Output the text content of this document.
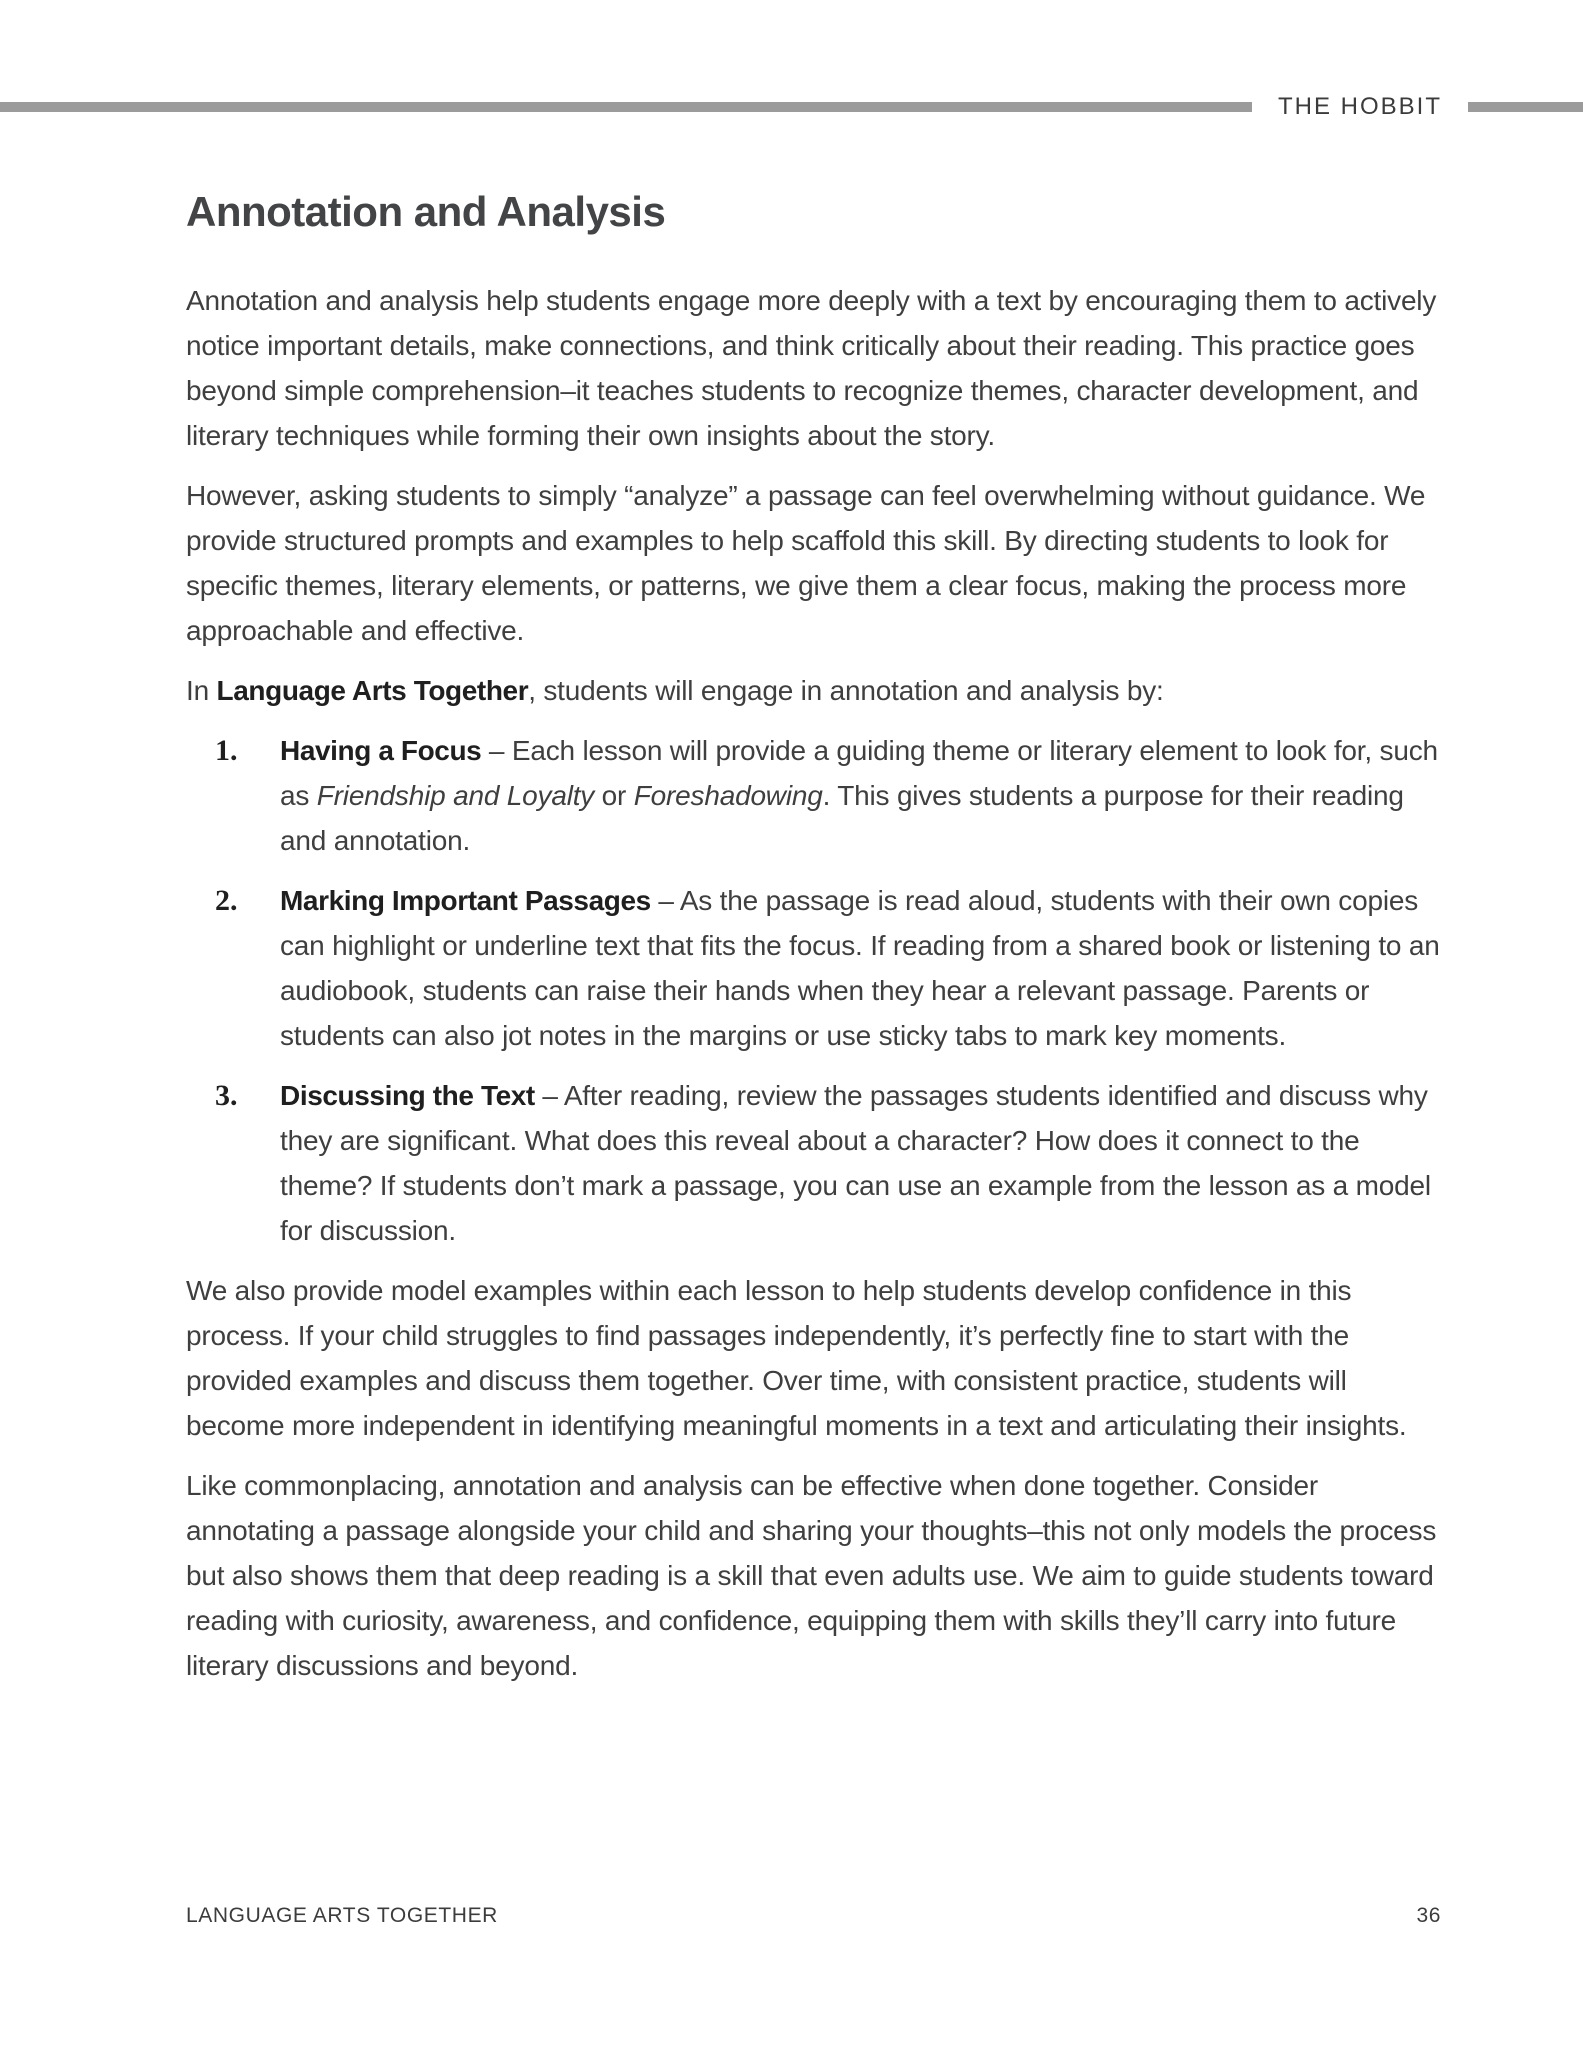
THE HOBBIT
Annotation and Analysis

Annotation and analysis help students engage more deeply with a text by encouraging them to actively notice important details, make connections, and think critically about their reading. This practice goes beyond simple comprehension–it teaches students to recognize themes, character development, and literary techniques while forming their own insights about the story.

However, asking students to simply “analyze” a passage can feel overwhelming without guidance. We provide structured prompts and examples to help scaffold this skill. By directing students to look for specific themes, literary elements, or patterns, we give them a clear focus, making the process more approachable and effective.

In Language Arts Together, students will engage in annotation and analysis by:

1.	Having a Focus – Each lesson will provide a guiding theme or literary element to look for, such as Friendship and Loyalty or Foreshadowing. This gives students a purpose for their reading and annotation.
2.	Marking Important Passages – As the passage is read aloud, students with their own copies can highlight or underline text that fits the focus. If reading from a shared book or listening to an audiobook, students can raise their hands when they hear a relevant passage. Parents or students can also jot notes in the margins or use sticky tabs to mark key moments.
3.	Discussing the Text – After reading, review the passages students identified and discuss why they are significant. What does this reveal about a character? How does it connect to the theme? If students don’t mark a passage, you can use an example from the lesson as a model for discussion.

We also provide model examples within each lesson to help students develop confidence in this process. If your child struggles to find passages independently, it’s perfectly fine to start with the provided examples and discuss them together. Over time, with consistent practice, students will become more independent in identifying meaningful moments in a text and articulating their insights.

Like commonplacing, annotation and analysis can be effective when done together. Consider annotating a passage alongside your child and sharing your thoughts–this not only models the process but also shows them that deep reading is a skill that even adults use. We aim to guide students toward reading with curiosity, awareness, and confidence, equipping them with skills they’ll carry into future literary discussions and beyond.

LANGUAGE ARTS TOGETHER	36
